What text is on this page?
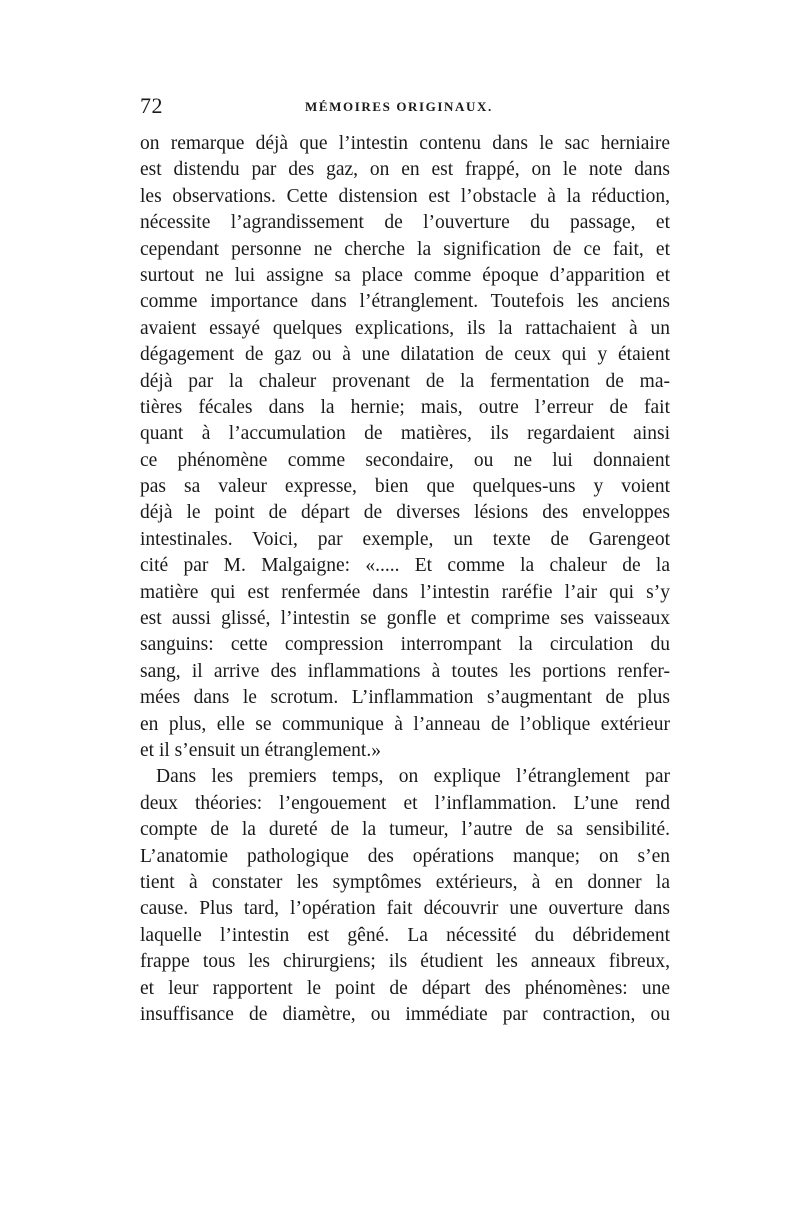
72	MÉMOIRES ORIGINAUX.
on remarque déjà que l’intestin contenu dans le sac herniaire
est distendu par des gaz, on en est frappé, on le note dans
les observations. Cette distension est l’obstacle à la réduction,
nécessite l’agrandissement de l’ouverture du passage, et
cependant personne ne cherche la signification de ce fait, et
surtout ne lui assigne sa place comme époque d’apparition et
comme importance dans l’étranglement. Toutefois les anciens
avaient essayé quelques explications, ils la rattachaient à un
dégagement de gaz ou à une dilatation de ceux qui y étaient
déjà par la chaleur provenant de la fermentation de ma-
tières fécales dans la hernie; mais, outre l’erreur de fait
quant à l’accumulation de matières, ils regardaient ainsi
ce phénomène comme secondaire, ou ne lui donnaient
pas sa valeur expresse, bien que quelques-uns y voient
déjà le point de départ de diverses lésions des enveloppes
intestinales. Voici, par exemple, un texte de Garengeot
cité par M. Malgaigne: «..... Et comme la chaleur de la
matière qui est renfermée dans l’intestin raréfie l’air qui s’y
est aussi glissé, l’intestin se gonfle et comprime ses vaisseaux
sanguins: cette compression interrompant la circulation du
sang, il arrive des inflammations à toutes les portions renfer-
mées dans le scrotum. L’inflammation s’augmentant de plus
en plus, elle se communique à l’anneau de l’oblique extérieur
et il s’ensuit un étranglement.»
Dans les premiers temps, on explique l’étranglement par
deux théories: l’engouement et l’inflammation. L’une rend
compte de la dureté de la tumeur, l’autre de sa sensibilité.
L’anatomie pathologique des opérations manque; on s’en
tient à constater les symptômes extérieurs, à en donner la
cause. Plus tard, l’opération fait découvrir une ouverture dans
laquelle l’intestin est gêné. La nécessité du débridement
frappe tous les chirurgiens; ils étudient les anneaux fibreux,
et leur rapportent le point de départ des phénomènes: une
insuffisance de diamètre, ou immédiate par contraction, ou
